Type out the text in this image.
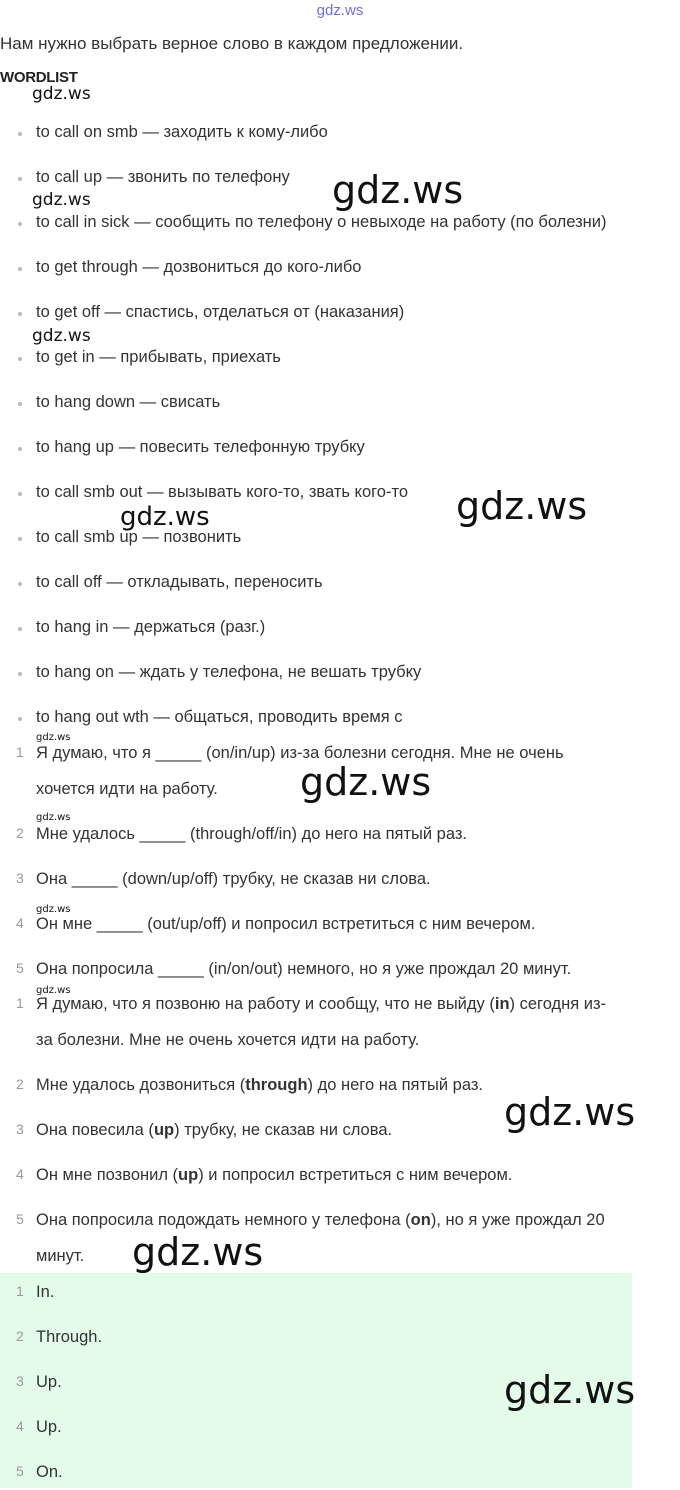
gdz.ws
Нам нужно выбрать верное слово в каждом предложении.
WORDLIST
to call on smb — заходить к кому-либо
to call up — звонить по телефону
to call in sick — сообщить по телефону о невыходе на работу (по болезни)
to get through — дозвониться до кого-либо
to get off — спастись, отделаться от (наказания)
to get in — прибывать, приехать
to hang down — свисать
to hang up — повесить телефонную трубку
to call smb out — вызывать кого-то, звать кого-то
to call smb up — позвонить
to call off — откладывать, переносить
to hang in — держаться (разг.)
to hang on — ждать у телефона, не вешать трубку
to hang out wth — общаться, проводить время с
1 Я думаю, что я _____ (on/in/up) из-за болезни сегодня. Мне не очень
хочется идти на работу.
2 Мне удалось _____ (through/off/in) до него на пятый раз.
3 Она _____ (down/up/off) трубку, не сказав ни слова.
4 Он мне _____ (out/up/off) и попросил встретиться с ним вечером.
5 Она попросила _____ (in/on/out) немного, но я уже прождал 20 минут.
1 Я думаю, что я позвоню на работу и сообщу, что не выйду (in) сегодня из-
за болезни. Мне не очень хочется идти на работу.
2 Мне удалось дозвониться (through) до него на пятый раз.
3 Она повесила (up) трубку, не сказав ни слова.
4 Он мне позвонил (up) и попросил встретиться с ним вечером.
5 Она попросила подождать немного у телефона (on), но я уже прождал 20
минут.
1 In.
2 Through.
3 Up.
4 Up.
5 On.
gdz.ws
gdz.ws
gdz.ws
gdz.ws
gdz.ws
gdz.ws
gdz.ws
gdz.ws
gdz.ws
gdz.ws
gdz.ws
gdz.ws
gdz.ws
gdz.ws
